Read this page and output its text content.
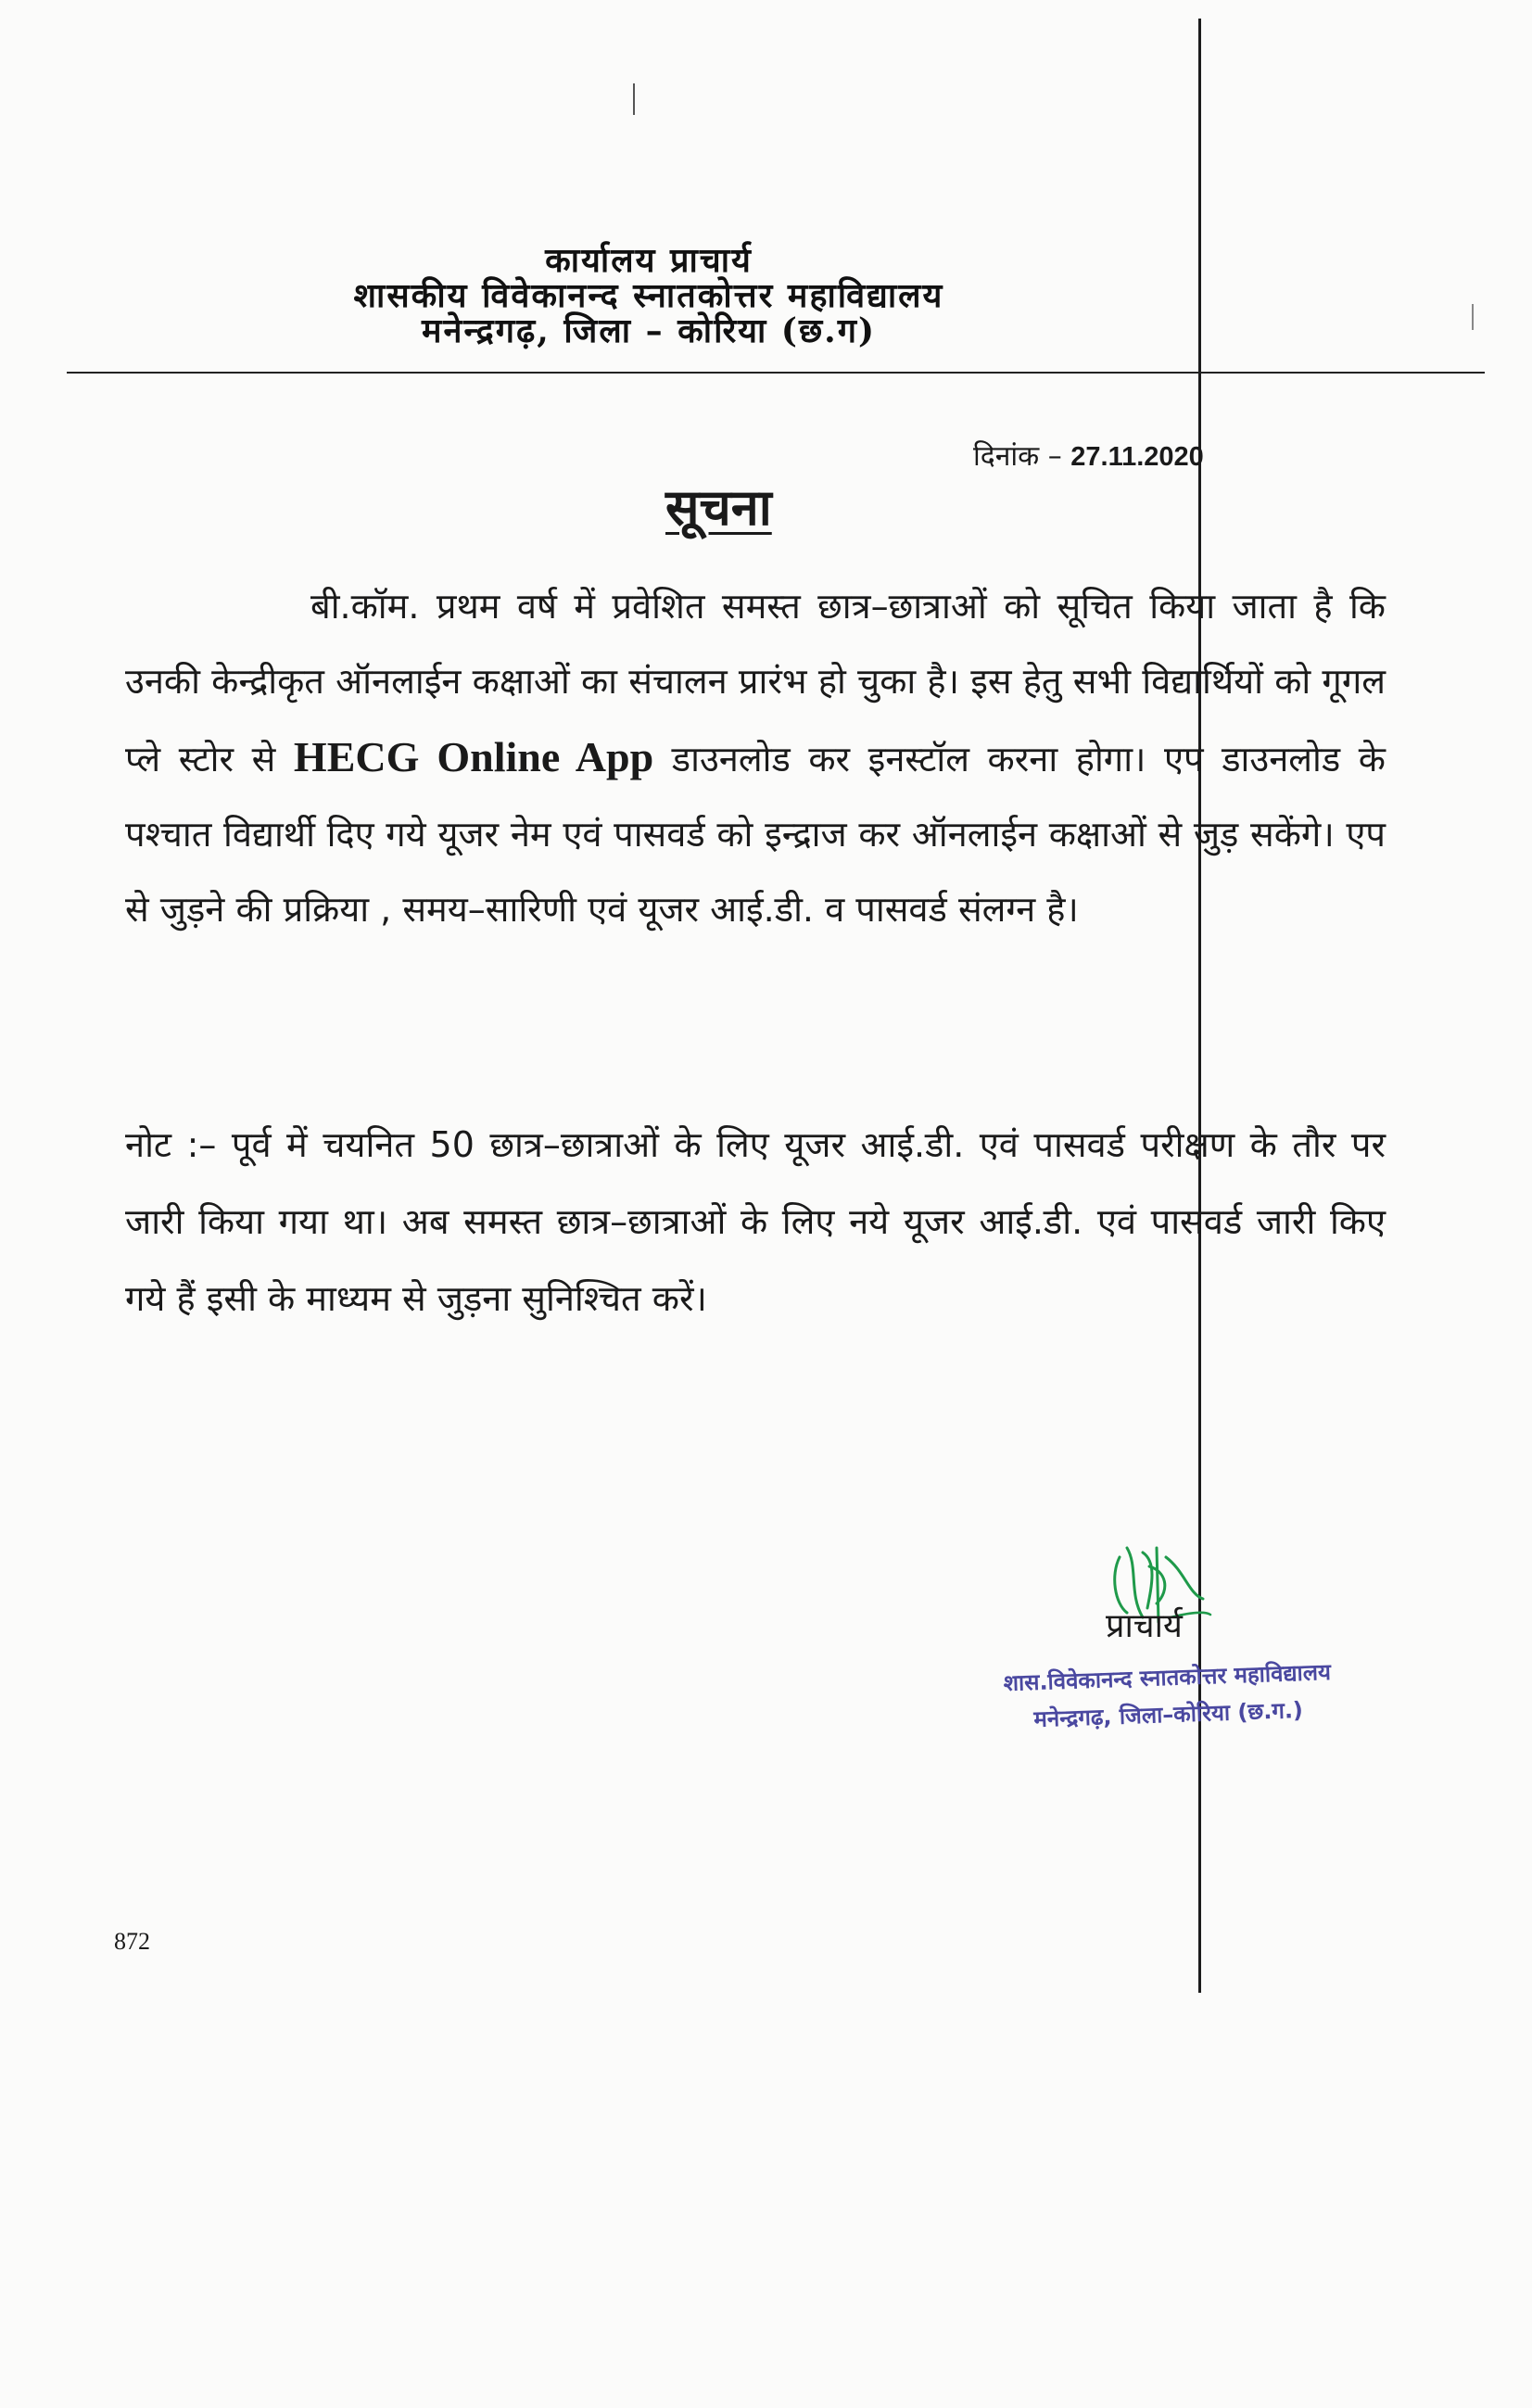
कार्यालय प्राचार्य
शासकीय विवेकानन्द स्नातकोत्तर महाविद्यालय
मनेन्द्रगढ़, जिला – कोरिया (छ.ग)
दिनांक – 27.11.2020
सूचना
बी.कॉम. प्रथम वर्ष में प्रवेशित समस्त छात्र–छात्राओं को सूचित किया जाता है कि उनकी केन्द्रीकृत ऑनलाईन कक्षाओं का संचालन प्रारंभ हो चुका है। इस हेतु सभी विद्यार्थियों को गूगल प्ले स्टोर से HECG Online App डाउनलोड कर इनस्टॉल करना होगा। एप डाउनलोड के पश्चात विद्यार्थी दिए गये यूजर नेम एवं पासवर्ड को इन्द्राज कर ऑनलाईन कक्षाओं से जुड़ सकेंगे। एप से जुड़ने की प्रक्रिया , समय–सारिणी एवं यूजर आई.डी. व पासवर्ड संलग्न है।
नोट :– पूर्व में चयनित 50 छात्र–छात्राओं के लिए यूजर आई.डी. एवं पासवर्ड परीक्षण के तौर पर जारी किया गया था। अब समस्त छात्र–छात्राओं के लिए नये यूजर आई.डी. एवं पासवर्ड जारी किए गये हैं इसी के माध्यम से जुड़ना सुनिश्चित करें।
प्राचार्य
शास.विवेकानन्द स्नातकोत्तर महाविद्यालय
मनेन्द्रगढ़, जिला–कोरिया (छ.ग.)
872
